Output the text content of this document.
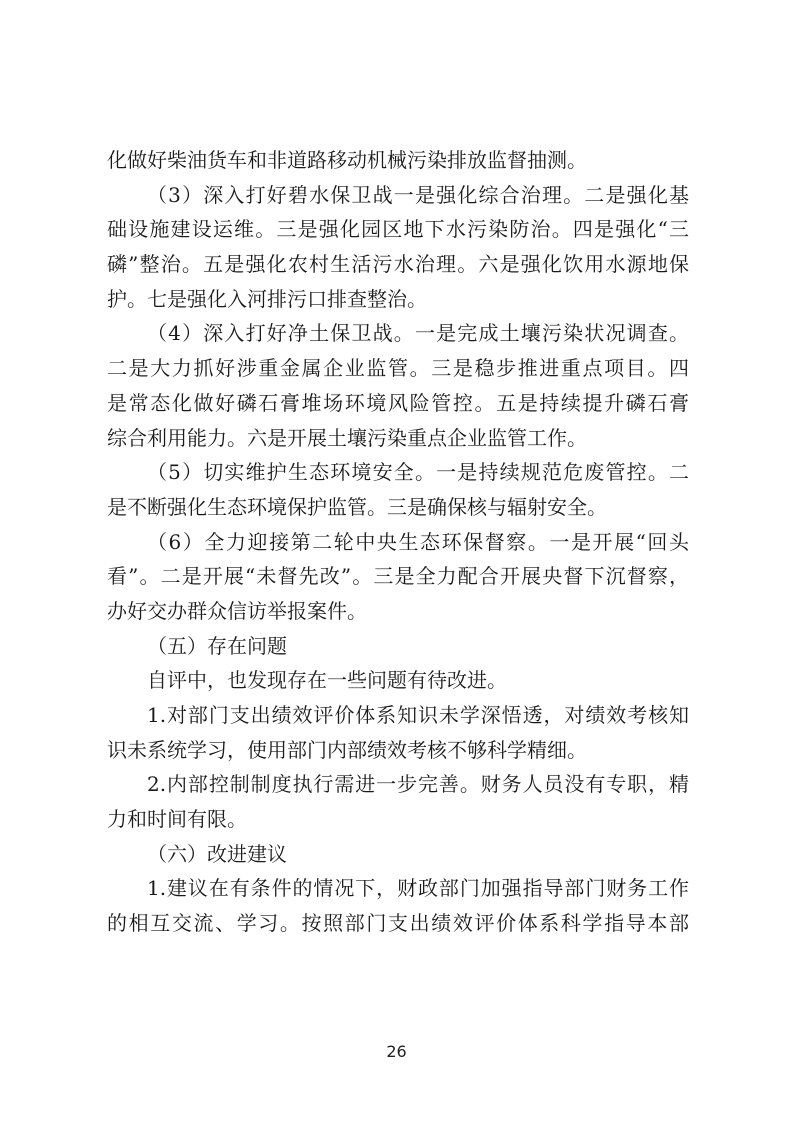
化做好柴油货车和非道路移动机械污染排放监督抽测。
（3）深入打好碧水保卫战一是强化综合治理。二是强化基
础设施建设运维。三是强化园区地下水污染防治。四是强化“三
磷”整治。五是强化农村生活污水治理。六是强化饮用水源地保
护。七是强化入河排污口排查整治。
（4）深入打好净土保卫战。一是完成土壤污染状况调查。
二是大力抓好涉重金属企业监管。三是稳步推进重点项目。四
是常态化做好磷石膏堆场环境风险管控。五是持续提升磷石膏
综合利用能力。六是开展土壤污染重点企业监管工作。
（5）切实维护生态环境安全。一是持续规范危废管控。二
是不断强化生态环境保护监管。三是确保核与辐射安全。
（6）全力迎接第二轮中央生态环保督察。一是开展“回头
看”。二是开展“未督先改”。三是全力配合开展央督下沉督察，
办好交办群众信访举报案件。
（五）存在问题
自评中，也发现存在一些问题有待改进。
1.对部门支出绩效评价体系知识未学深悟透，对绩效考核知
识未系统学习，使用部门内部绩效考核不够科学精细。
2.内部控制制度执行需进一步完善。财务人员没有专职，精
力和时间有限。
（六）改进建议
1.建议在有条件的情况下，财政部门加强指导部门财务工作
的相互交流、学习。按照部门支出绩效评价体系科学指导本部
26
